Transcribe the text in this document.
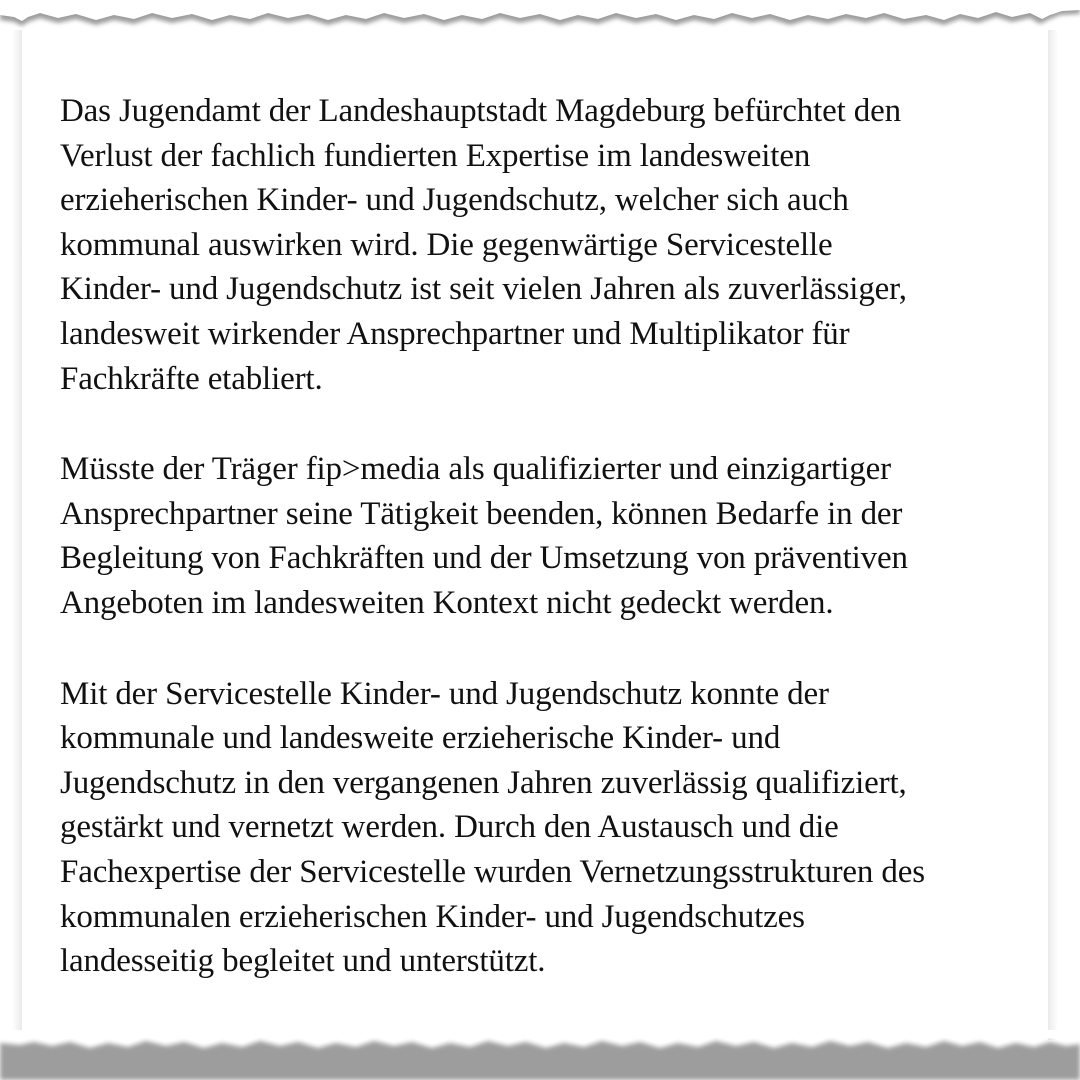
Das Jugendamt der Landeshauptstadt Magdeburg befürchtet den
Verlust der fachlich fundierten Expertise im landesweiten
erzieherischen Kinder- und Jugendschutz, welcher sich auch
kommunal auswirken wird. Die gegenwärtige Servicestelle
Kinder- und Jugendschutz ist seit vielen Jahren als zuverlässiger,
landesweit wirkender Ansprechpartner und Multiplikator für
Fachkräfte etabliert.

Müsste der Träger fip>media als qualifizierter und einzigartiger
Ansprechpartner seine Tätigkeit beenden, können Bedarfe in der
Begleitung von Fachkräften und der Umsetzung von präventiven
Angeboten im landesweiten Kontext nicht gedeckt werden.

Mit der Servicestelle Kinder- und Jugendschutz konnte der
kommunale und landesweite erzieherische Kinder- und
Jugendschutz in den vergangenen Jahren zuverlässig qualifiziert,
gestärkt und vernetzt werden. Durch den Austausch und die
Fachexpertise der Servicestelle wurden Vernetzungsstrukturen des
kommunalen erzieherischen Kinder- und Jugendschutzes
landesseitig begleitet und unterstützt.
